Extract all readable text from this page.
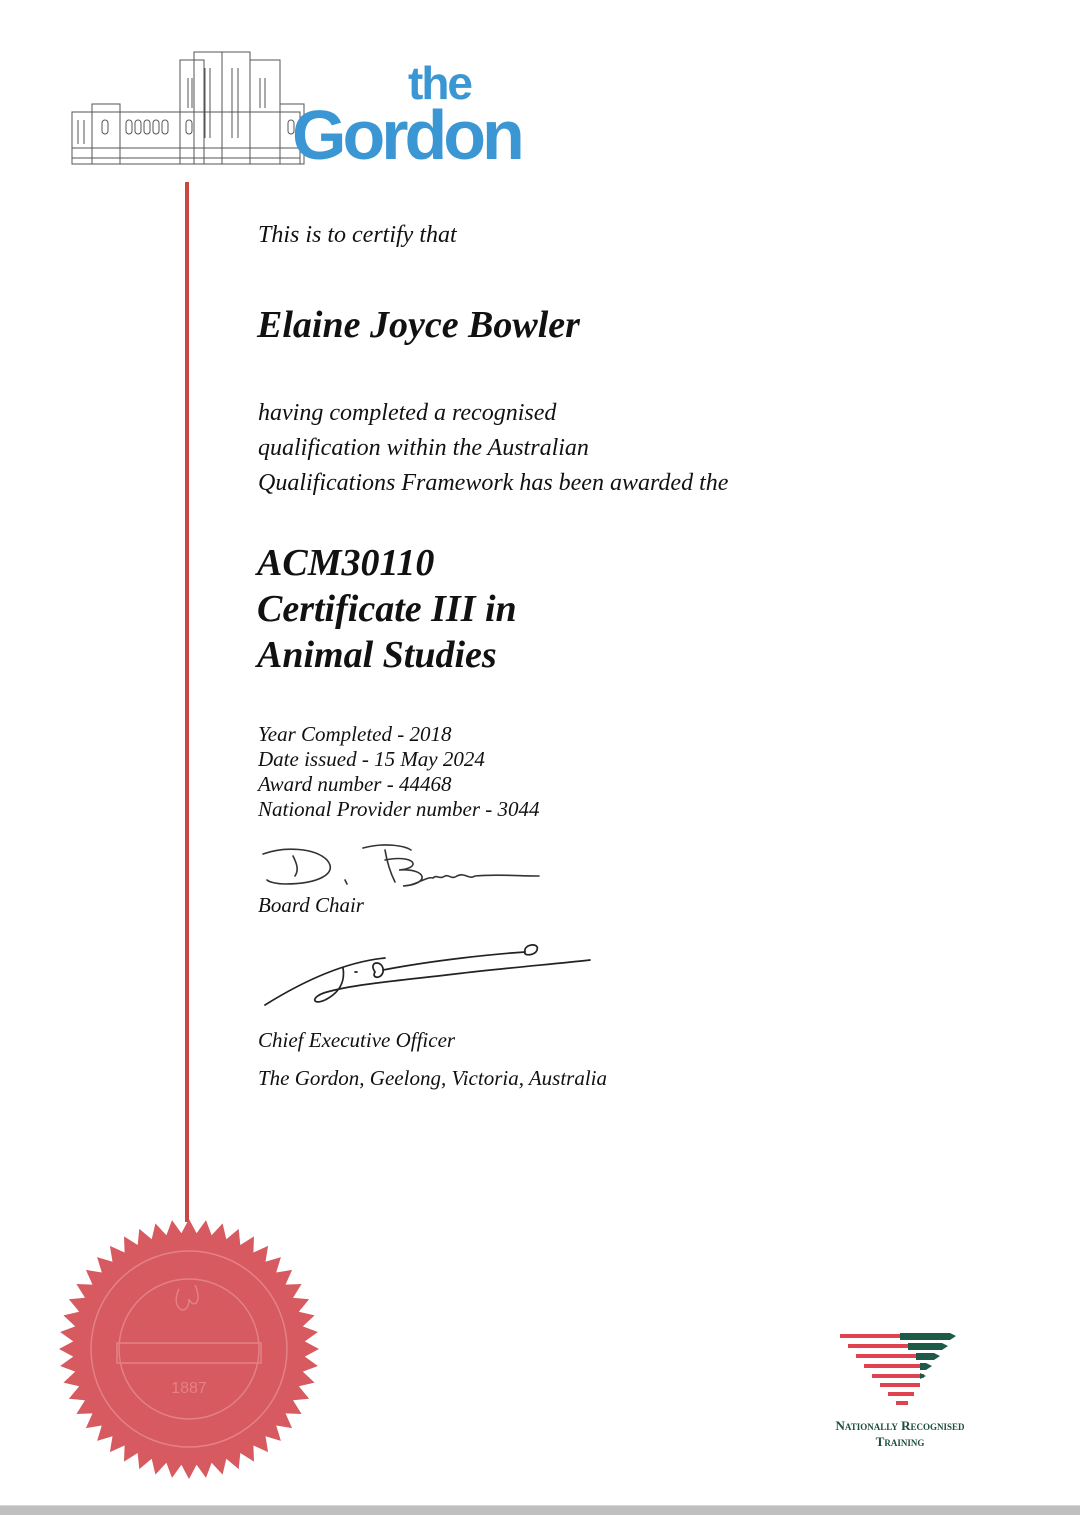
the
Gordon
This is to certify that
Elaine Joyce Bowler
having completed a recognised
qualification within the Australian
Qualifications Framework has been awarded the
ACM30110
Certificate III in
Animal Studies
Year Completed - 2018
Date issued - 15 May 2024
Award number - 44468
National Provider number - 3044
Board Chair
Chief Executive Officer
The Gordon, Geelong, Victoria, Australia
1887
Nationally Recognised
Training
